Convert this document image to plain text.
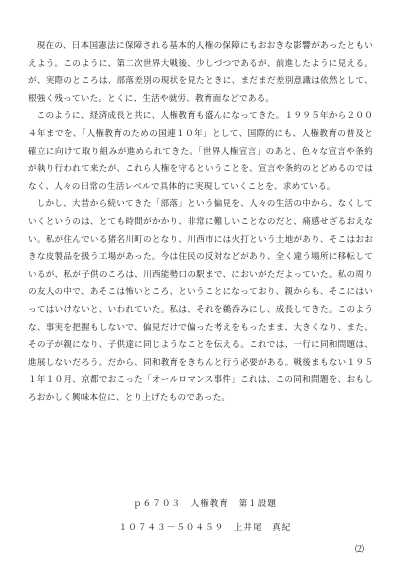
現在の、日本国憲法に保障される基本的人権の保障にもおおきな影響があったともいえよう。このように、第二次世界大戦後、少しづつであるが、前進したように見える。が、実際のところは、部落差別の現状を見たときに、まだまだ差別意識は依然として、根強く残っていた。とくに、生活や就労、教育面などである。

このように、経済成長と共に、人権教育も盛んになってきた。１９９５年から２００４年までを、「人権教育のための国連１０年」として、国際的にも、人権教育の普及と確立に向けて取り組みが進められてきた。「世界人権宣言」のあと、色々な宣言や条約が執り行われて来たが、これら人権を守るということを、宣言や条約のとどめるのではなく、人々の日常の生活レベルで具体的に実現していくことを、求めている。

しかし、大昔から続いてきた「部落」という偏見を、人々の生活の中から、なくしていくというのは、とても時間がかかり、非常に難しいことなのだと、痛感せざるおえない。私が住んでいる猪名川町のとなり、川西市には火打という土地があり、そこはおおきな皮製品を扱う工場があった。今は住民の反対などがあり、全く違う場所に移転しているが、私が子供のころは、川西能勢口の駅まで、においがただよっていた。私の周りの友人の中で、あそこは怖いところ、ということになっており、親からも、そこにはいってはいけないと、いわれていた。私は、それを鵜呑みにし、成長してきた。このような、事実を把握もしないで、偏見だけで偏った考えをもったまま、大きくなり、また、その子が親になり、子供達に同じようなことを伝える。これでは、一行に同和問題は、進展しないだろう。だから、同和教育をきちんと行う必要がある。戦後まもない１９５１年１０月、京都でおこった「オールロマンス事件」これは、この同和問題を、おもしろおかしく興味本位に、とり上げたものであった。

ｐ６７０３　人権教育　第１設題
１０７４３－５０４５９　上井尾　真紀
⑵
